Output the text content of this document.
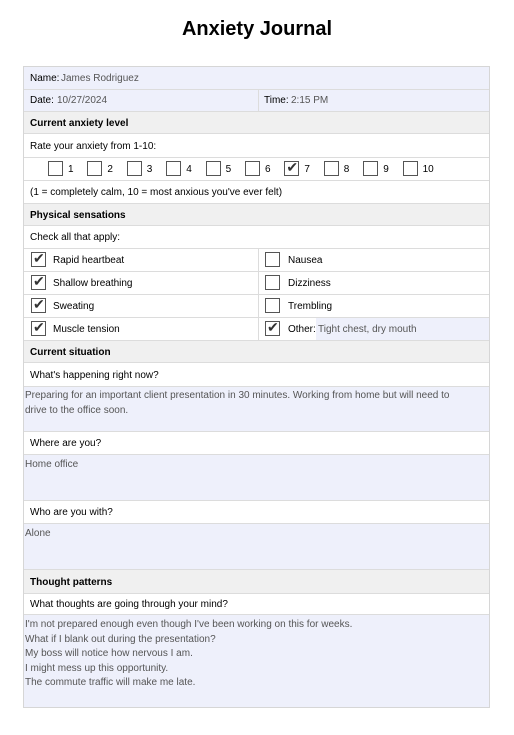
Anxiety Journal
Name: James Rodriguez
Date: 10/27/2024	Time: 2:15 PM
Current anxiety level
Rate your anxiety from 1-10:
1	2	3	4	5	6 ✔ 7	8	9	10
(1 = completely calm, 10 = most anxious you've ever felt)
Physical sensations
Check all that apply:
✔ Rapid heartbeat	Nausea
✔ Shallow breathing	Dizziness
✔ Sweating	Trembling
✔ Muscle tension	✔ Other: Tight chest, dry mouth
Current situation
What's happening right now?
Preparing for an important client presentation in 30 minutes. Working from home but will need to
drive to the office soon.
Where are you?
Home office
Who are you with?
Alone
Thought patterns
What thoughts are going through your mind?
I'm not prepared enough even though I've been working on this for weeks.
What if I blank out during the presentation?
My boss will notice how nervous I am.
I might mess up this opportunity.
The commute traffic will make me late.
